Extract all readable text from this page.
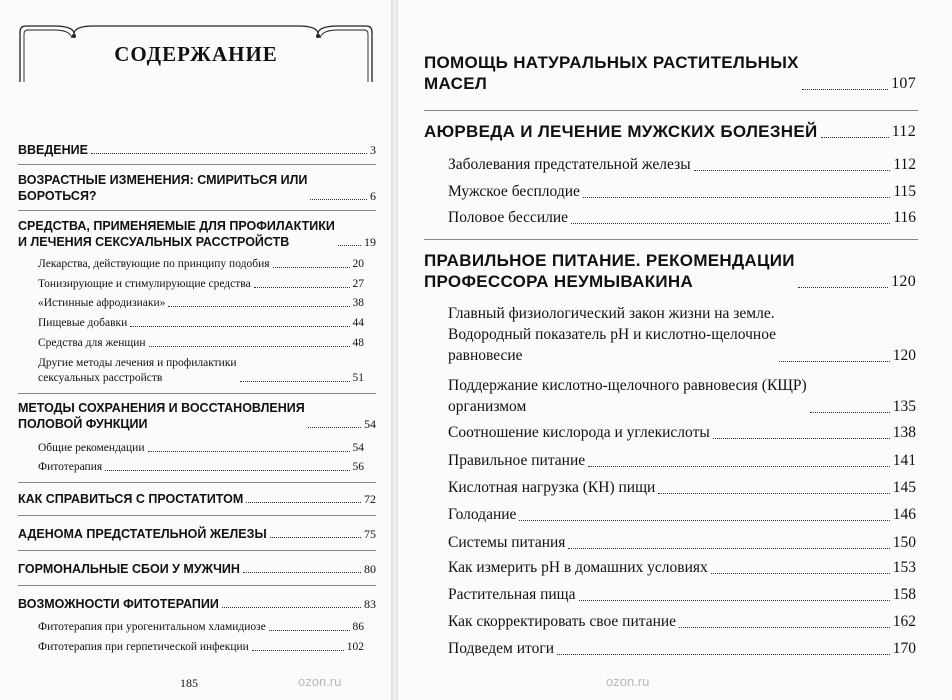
СОДЕРЖАНИЕ
ВВЕДЕНИЕ	3
ВОЗРАСТНЫЕ ИЗМЕНЕНИЯ: СМИРИТЬСЯ ИЛИ
БОРОТЬСЯ?	6
СРЕДСТВА, ПРИМЕНЯЕМЫЕ ДЛЯ ПРОФИЛАКТИКИ
И ЛЕЧЕНИЯ СЕКСУАЛЬНЫХ РАССТРОЙСТВ	19
Лекарства, действующие по принципу подобия	20
Тонизирующие и стимулирующие средства	27
«Истинные афродизиаки»	38
Пищевые добавки	44
Средства для женщин	48
Другие методы лечения и профилактики
сексуальных расстройств	51
МЕТОДЫ СОХРАНЕНИЯ И ВОССТАНОВЛЕНИЯ
ПОЛОВОЙ ФУНКЦИИ	54
Общие рекомендации	54
Фитотерапия	56
КАК СПРАВИТЬСЯ С ПРОСТАТИТОМ	72
АДЕНОМА ПРЕДСТАТЕЛЬНОЙ ЖЕЛЕЗЫ	75
ГОРМОНАЛЬНЫЕ СБОИ У МУЖЧИН	80
ВОЗМОЖНОСТИ ФИТОТЕРАПИИ	83
Фитотерапия при урогенитальном хламидиозе	86
Фитотерапия при герпетической инфекции	102
185	ozon.ru
ПОМОЩЬ НАТУРАЛЬНЫХ РАСТИТЕЛЬНЫХ
МАСЕЛ	107
АЮРВЕДА И ЛЕЧЕНИЕ МУЖСКИХ БОЛЕЗНЕЙ	112
Заболевания предстательной железы	112
Мужское бесплодие	115
Половое бессилие	116
ПРАВИЛЬНОЕ ПИТАНИЕ. РЕКОМЕНДАЦИИ
ПРОФЕССОРА НЕУМЫВАКИНА	120
Главный физиологический закон жизни на земле.
Водородный показатель рН и кислотно-щелочное
равновесие	120
Поддержание кислотно-щелочного равновесия (КЩР)
организмом	135
Соотношение кислорода и углекислоты	138
Правильное питание	141
Кислотная нагрузка (КН) пищи	145
Голодание	146
Системы питания	150
Как измерить рН в домашних условиях	153
Растительная пища	158
Как скорректировать свое питание	162
Подведем итоги	170
ozon.ru
